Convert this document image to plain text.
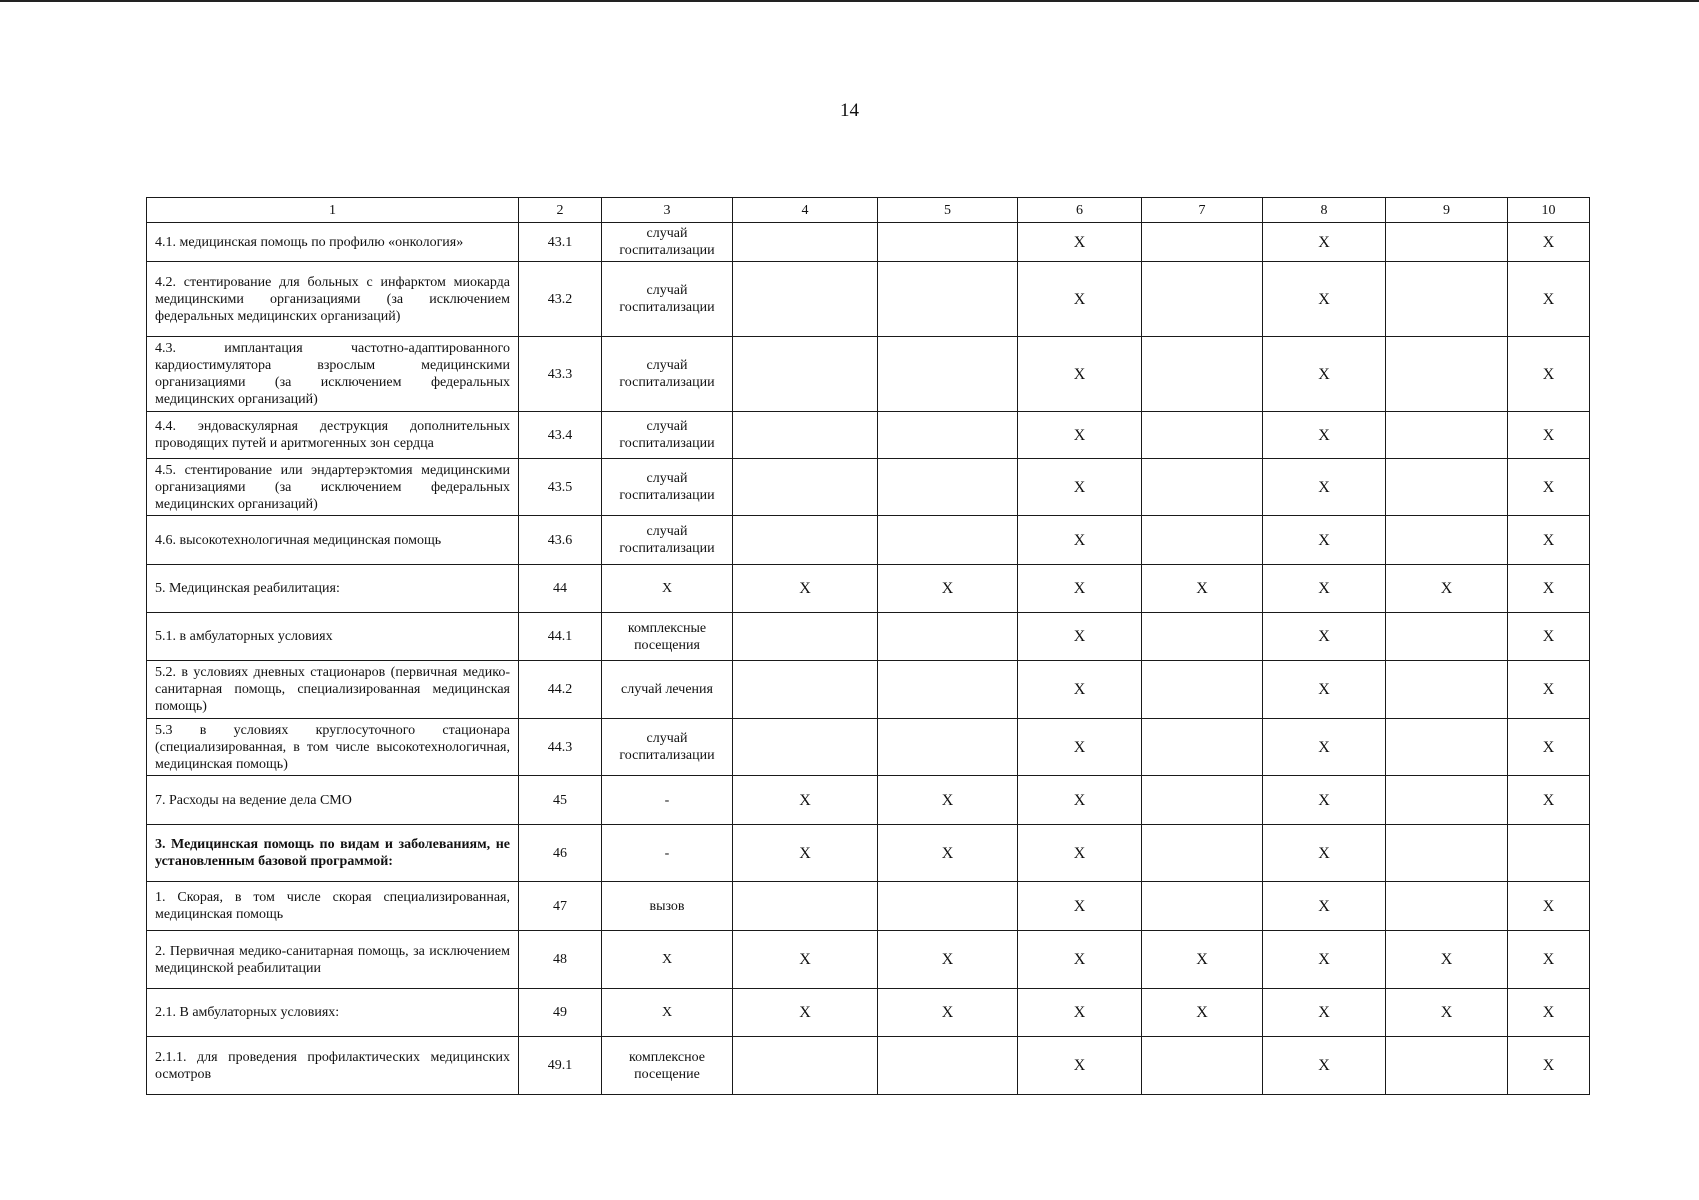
14
1	2	3	4	5	6	7	8	9	10
4.1. медицинская помощь по профилю «онкология»	43.1	случай госпитализации			X		X		X
4.2. стентирование для больных с инфарктом миокарда медицинскими организациями (за исключением федеральных медицинских организаций)	43.2	случай госпитализации			X		X		X
4.3. имплантация частотно-адаптированного кардиостимулятора взрослым медицинскими организациями (за исключением федеральных медицинских организаций)	43.3	случай госпитализации			X		X		X
4.4. эндоваскулярная деструкция дополнительных проводящих путей и аритмогенных зон сердца	43.4	случай госпитализации			X		X		X
4.5. стентирование или эндартерэктомия медицинскими организациями (за исключением федеральных медицинских организаций)	43.5	случай госпитализации			X		X		X
4.6. высокотехнологичная медицинская помощь	43.6	случай госпитализации			X		X		X
5. Медицинская реабилитация:	44	X	X	X	X	X	X	X	X
5.1. в амбулаторных условиях	44.1	комплексные посещения			X		X		X
5.2. в условиях дневных стационаров (первичная медико-санитарная помощь, специализированная медицинская помощь)	44.2	случай лечения			X		X		X
5.3 в условиях круглосуточного стационара (специализированная, в том числе высокотехнологичная, медицинская помощь)	44.3	случай госпитализации			X		X		X
7. Расходы на ведение дела СМО	45	-	X	X	X		X		X
3. Медицинская помощь по видам и заболеваниям, не установленным базовой программой:	46	-	X	X	X		X		
1. Скорая, в том числе скорая специализированная, медицинская помощь	47	вызов			X		X		X
2. Первичная медико-санитарная помощь, за исключением медицинской реабилитации	48	X	X	X	X	X	X	X	X
2.1. В амбулаторных условиях:	49	X	X	X	X	X	X	X	X
2.1.1. для проведения профилактических медицинских осмотров	49.1	комплексное посещение			X		X		X
